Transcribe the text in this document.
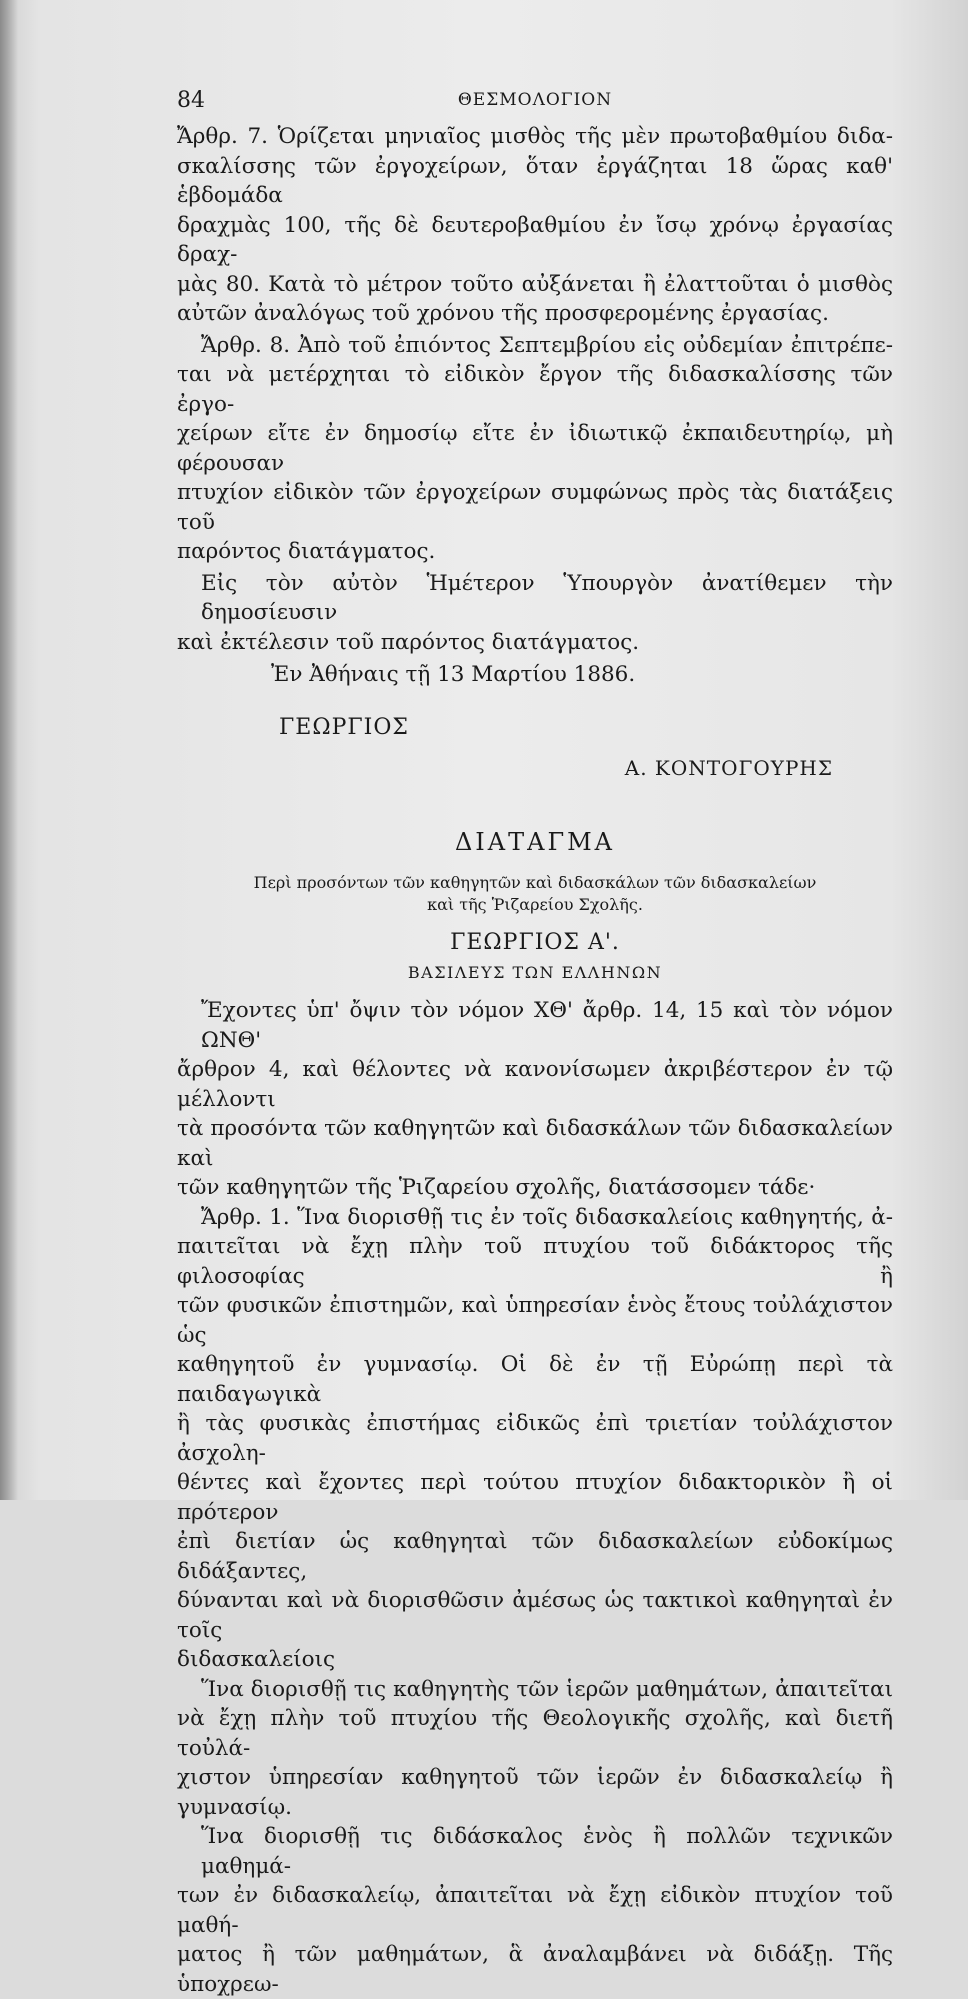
84	ΘΕΣΜΟΛΟΓΙΟΝ

Ἄρθρ. 7. Ὁρίζεται μηνιαῖος μισθὸς τῆς μὲν πρωτοβαθμίου διδα-
σκαλίσσης τῶν ἐργοχείρων, ὅταν ἐργάζηται 18 ὥρας καθ' ἑβδομάδα
δραχμὰς 100, τῆς δὲ δευτεροβαθμίου ἐν ἴσῳ χρόνῳ ἐργασίας δραχ-
μὰς 80. Κατὰ τὸ μέτρον τοῦτο αὐξάνεται ἢ ἐλαττοῦται ὁ μισθὸς
αὐτῶν ἀναλόγως τοῦ χρόνου τῆς προσφερομένης ἐργασίας.

Ἄρθρ. 8. Ἀπὸ τοῦ ἐπιόντος Σεπτεμβρίου εἰς οὐδεμίαν ἐπιτρέπε-
ται νὰ μετέρχηται τὸ εἰδικὸν ἔργον τῆς διδασκαλίσσης τῶν ἐργο-
χείρων εἴτε ἐν δημοσίῳ εἴτε ἐν ἰδιωτικῷ ἐκπαιδευτηρίῳ, μὴ φέρουσαν
πτυχίον εἰδικὸν τῶν ἐργοχείρων συμφώνως πρὸς τὰς διατάξεις τοῦ
παρόντος διατάγματος.

Εἰς τὸν αὐτὸν Ἡμέτερον Ὑπουργὸν ἀνατίθεμεν τὴν δημοσίευσιν
καὶ ἐκτέλεσιν τοῦ παρόντος διατάγματος.

Ἐν Ἀθήναις τῇ 13 Μαρτίου 1886.

ΓΕΩΡΓΙΟΣ

Α. ΚΟΝΤΟΓΟΥΡΗΣ

ΔΙΑΤΑΓΜΑ

Περὶ προσόντων τῶν καθηγητῶν καὶ διδασκάλων τῶν διδασκαλείων
καὶ τῆς Ῥιζαρείου Σχολῆς.

ΓΕΩΡΓΙΟΣ Α'.

ΒΑΣΙΛΕΥΣ ΤΩΝ ΕΛΛΗΝΩΝ

Ἔχοντες ὑπ' ὄψιν τὸν νόμον ΧΘ' ἄρθρ. 14, 15 καὶ τὸν νόμον ΩΝΘ'
ἄρθρον 4, καὶ θέλοντες νὰ κανονίσωμεν ἀκριβέστερον ἐν τῷ μέλλοντι
τὰ προσόντα τῶν καθηγητῶν καὶ διδασκάλων τῶν διδασκαλείων καὶ
τῶν καθηγητῶν τῆς Ῥιζαρείου σχολῆς, διατάσσομεν τάδε·

Ἄρθρ. 1. Ἵνα διορισθῇ τις ἐν τοῖς διδασκαλείοις καθηγητής, ἀ-
παιτεῖται νὰ ἔχῃ πλὴν τοῦ πτυχίου τοῦ διδάκτορος τῆς φιλοσοφίας ἢ
τῶν φυσικῶν ἐπιστημῶν, καὶ ὑπηρεσίαν ἑνὸς ἔτους τοὐλάχιστον ὡς
καθηγητοῦ ἐν γυμνασίῳ. Οἱ δὲ ἐν τῇ Εὐρώπῃ περὶ τὰ παιδαγωγικὰ
ἢ τὰς φυσικὰς ἐπιστήμας εἰδικῶς ἐπὶ τριετίαν τοὐλάχιστον ἀσχολη-
θέντες καὶ ἔχοντες περὶ τούτου πτυχίον διδακτορικὸν ἢ οἱ πρότερον
ἐπὶ διετίαν ὡς καθηγηταὶ τῶν διδασκαλείων εὐδοκίμως διδάξαντες,
δύνανται καὶ νὰ διορισθῶσιν ἀμέσως ὡς τακτικοὶ καθηγηταὶ ἐν τοῖς
διδασκαλείοις

Ἵνα διορισθῇ τις καθηγητὴς τῶν ἱερῶν μαθημάτων, ἀπαιτεῖται
νὰ ἔχῃ πλὴν τοῦ πτυχίου τῆς Θεολογικῆς σχολῆς, καὶ διετῆ τοὐλά-
χιστον ὑπηρεσίαν καθηγητοῦ τῶν ἱερῶν ἐν διδασκαλείῳ ἢ γυμνασίῳ.

Ἵνα διορισθῇ τις διδάσκαλος ἑνὸς ἢ πολλῶν τεχνικῶν μαθημά-
των ἐν διδασκαλείῳ, ἀπαιτεῖται νὰ ἔχῃ εἰδικὸν πτυχίον τοῦ μαθή-
ματος ἢ τῶν μαθημάτων, ἃ ἀναλαμβάνει νὰ διδάξῃ. Τῆς ὑποχρεω-
